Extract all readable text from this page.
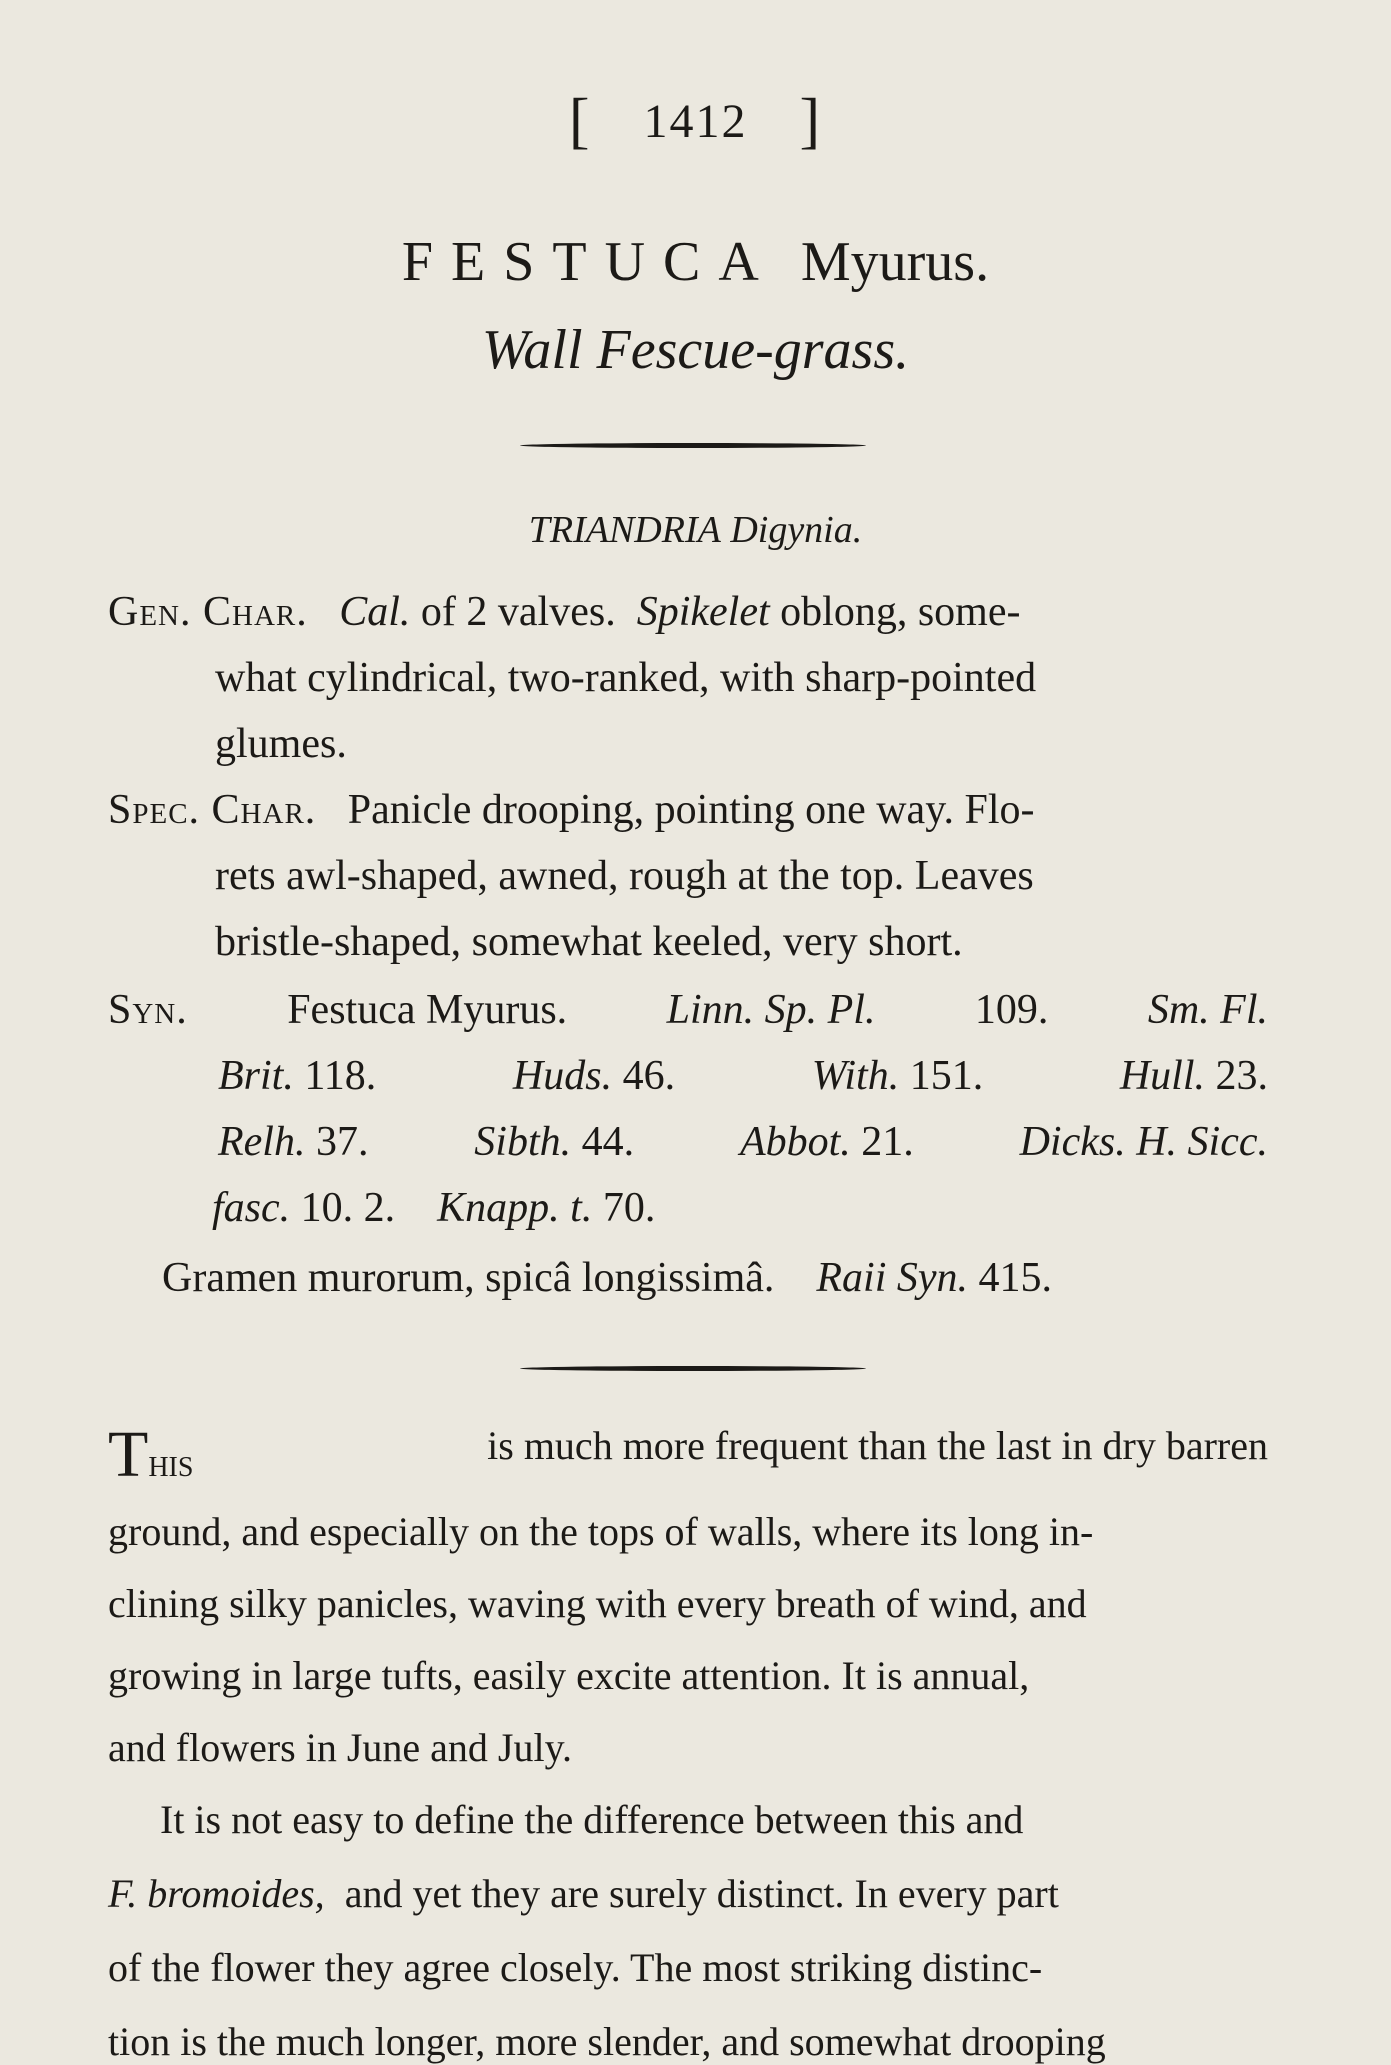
[ 1412 ]
FESTUCA Myurus.
Wall Fescue-grass.
TRIANDRIA Digynia.
Gen. Char. Cal. of 2 valves. Spikelet oblong, some-
what cylindrical, two-ranked, with sharp-pointed
glumes.
Spec. Char. Panicle drooping, pointing one way. Flo-
rets awl-shaped, awned, rough at the top. Leaves
bristle-shaped, somewhat keeled, very short.
Syn. Festuca Myurus. Linn. Sp. Pl. 109. Sm. Fl.
Brit. 118.	Huds. 46.	With. 151.	Hull. 23.
Relh. 37.	Sibth. 44.	Abbot. 21.	Dicks. H. Sicc.
fasc. 10. 2. Knapp. t. 70.
Gramen murorum, spicâ longissimâ. Raii Syn. 415.
This	is much more frequent than the last in dry barren
ground, and especially on the tops of walls, where its long in-
clining silky panicles, waving with every breath of wind, and
growing in large tufts, easily excite attention. It is annual,
and flowers in June and July.
It is not easy to define the difference between this and
F. bromoides, and yet they are surely distinct. In every part
of the flower they agree closely. The most striking distinc-
tion is the much longer, more slender, and somewhat drooping
